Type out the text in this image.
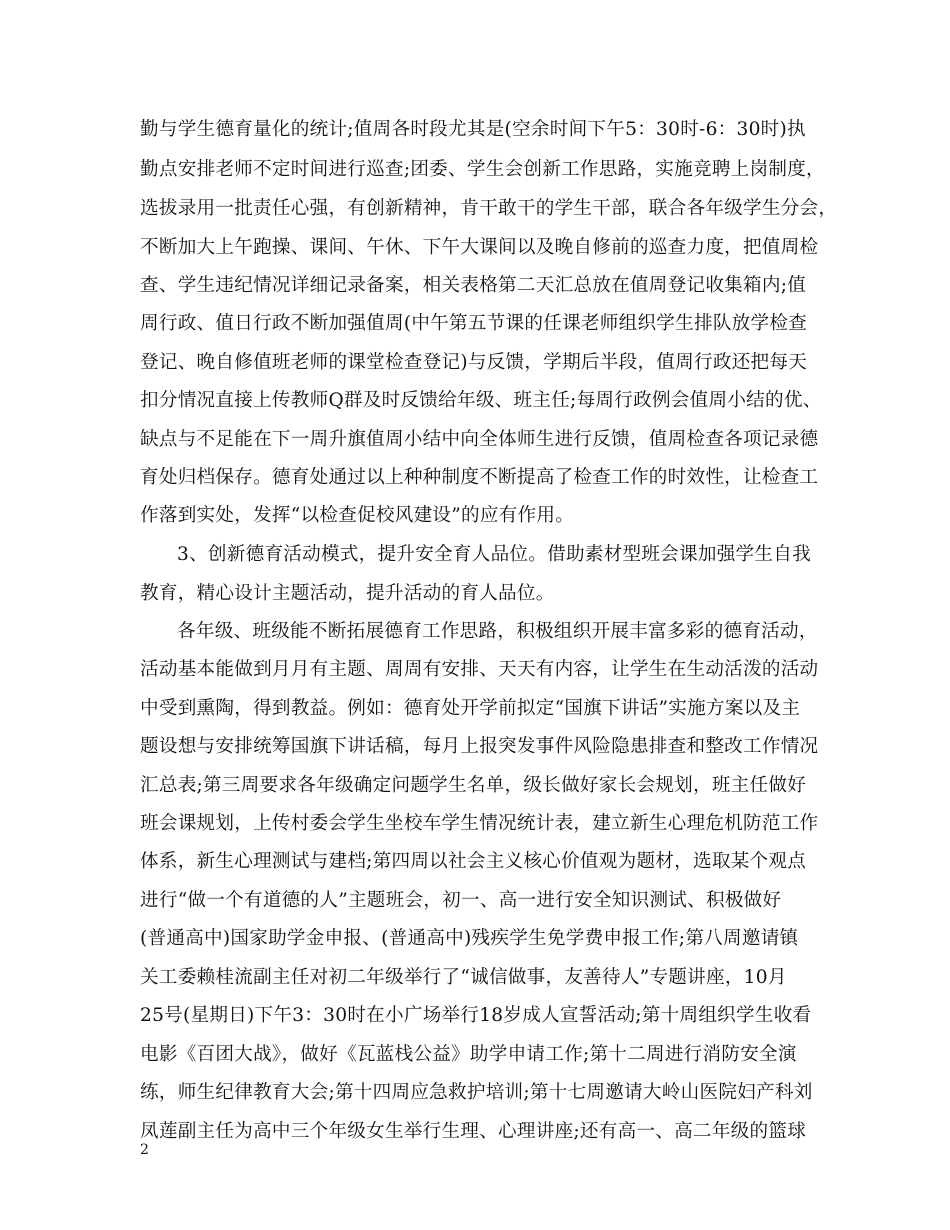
勤与学生德育量化的统计;值周各时段尤其是(空余时间下午5：30时-6：30时)执
勤点安排老师不定时间进行巡查;团委、学生会创新工作思路，实施竞聘上岗制度，
选拔录用一批责任心强，有创新精神，肯干敢干的学生干部，联合各年级学生分会，
不断加大上午跑操、课间、午休、下午大课间以及晚自修前的巡查力度，把值周检
查、学生违纪情况详细记录备案，相关表格第二天汇总放在值周登记收集箱内;值
周行政、值日行政不断加强值周(中午第五节课的任课老师组织学生排队放学检查
登记、晚自修值班老师的课堂检查登记)与反馈，学期后半段，值周行政还把每天
扣分情况直接上传教师Q群及时反馈给年级、班主任;每周行政例会值周小结的优、
缺点与不足能在下一周升旗值周小结中向全体师生进行反馈，值周检查各项记录德
育处归档保存。德育处通过以上种种制度不断提高了检查工作的时效性，让检查工
作落到实处，发挥“以检查促校风建设”的应有作用。
3、创新德育活动模式，提升安全育人品位。借助素材型班会课加强学生自我
教育，精心设计主题活动，提升活动的育人品位。
各年级、班级能不断拓展德育工作思路，积极组织开展丰富多彩的德育活动，
活动基本能做到月月有主题、周周有安排、天天有内容，让学生在生动活泼的活动
中受到熏陶，得到教益。例如：德育处开学前拟定“国旗下讲话”实施方案以及主
题设想与安排统筹国旗下讲话稿，每月上报突发事件风险隐患排查和整改工作情况
汇总表;第三周要求各年级确定问题学生名单，级长做好家长会规划，班主任做好
班会课规划，上传村委会学生坐校车学生情况统计表，建立新生心理危机防范工作
体系，新生心理测试与建档;第四周以社会主义核心价值观为题材，选取某个观点
进行“做一个有道德的人”主题班会，初一、高一进行安全知识测试、积极做好
(普通高中)国家助学金申报、(普通高中)残疾学生免学费申报工作;第八周邀请镇
关工委赖桂流副主任对初二年级举行了“诚信做事，友善待人”专题讲座，10月
25号(星期日)下午3：30时在小广场举行18岁成人宣誓活动;第十周组织学生收看
电影《百团大战》，做好《瓦蓝栈公益》助学申请工作;第十二周进行消防安全演
练，师生纪律教育大会;第十四周应急救护培训;第十七周邀请大岭山医院妇产科刘
凤莲副主任为高中三个年级女生举行生理、心理讲座;还有高一、高二年级的篮球
2
